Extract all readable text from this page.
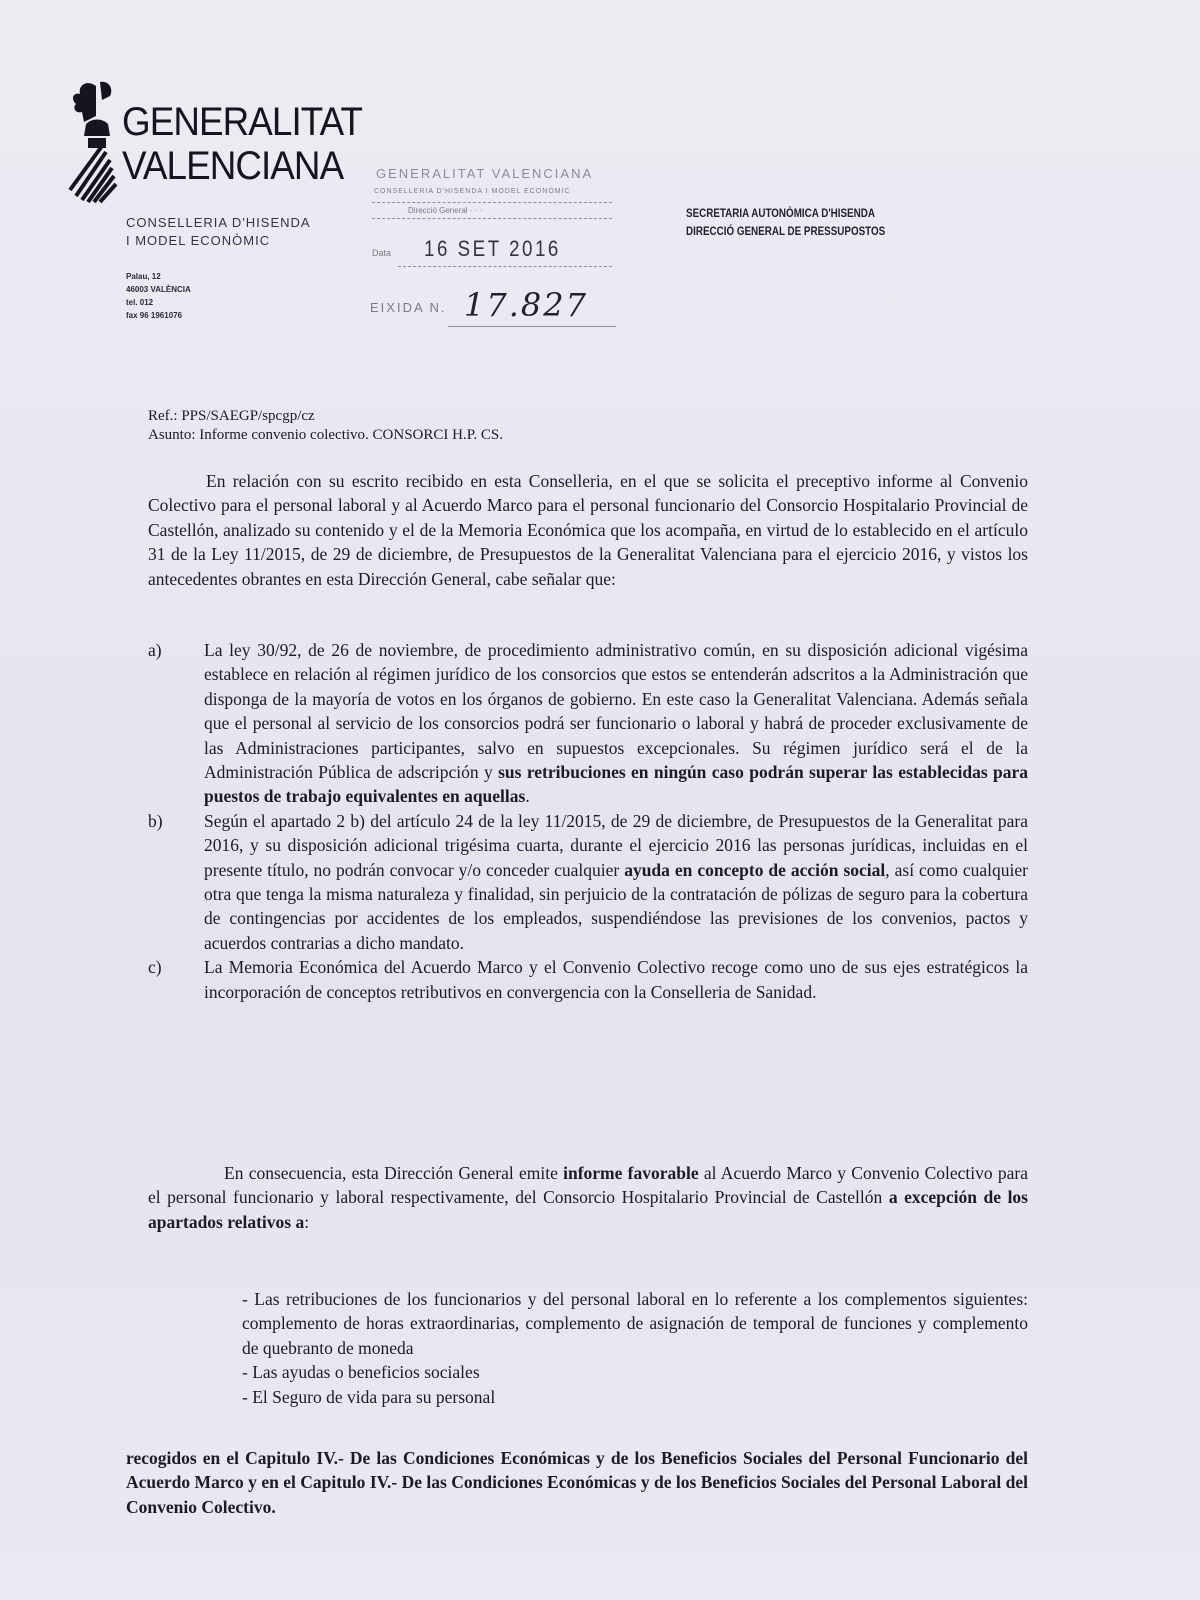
GENERALITAT
VALENCIANA
CONSELLERIA D'HISENDA
I MODEL ECONÒMIC
Palau, 12
46003 VALÈNCIA
tel. 012
fax 96 1961076
GENERALITAT VALENCIANA
CONSELLERIA D'HISENDA I MODEL ECONÒMIC
Direcció General · · ·
Data 16 SET 2016
EIXIDA N. 17.827
SECRETARIA AUTONÒMICA D'HISENDA
DIRECCIÓ GENERAL DE PRESSUPOSTOS
Ref.: PPS/SAEGP/spcgp/cz
Asunto: Informe convenio colectivo. CONSORCI H.P. CS.
En relación con su escrito recibido en esta Conselleria, en el que se solicita el preceptivo informe al Convenio Colectivo para el personal laboral y al Acuerdo Marco para el personal funcionario del Consorcio Hospitalario Provincial de Castellón, analizado su contenido y el de la Memoria Económica que los acompaña, en virtud de lo establecido en el artículo 31 de la Ley 11/2015, de 29 de diciembre, de Presupuestos de la Generalitat Valenciana para el ejercicio 2016, y vistos los antecedentes obrantes en esta Dirección General, cabe señalar que:
a) La ley 30/92, de 26 de noviembre, de procedimiento administrativo común, en su disposición adicional vigésima establece en relación al régimen jurídico de los consorcios que estos se entenderán adscritos a la Administración que disponga de la mayoría de votos en los órganos de gobierno. En este caso la Generalitat Valenciana. Además señala que el personal al servicio de los consorcios podrá ser funcionario o laboral y habrá de proceder exclusivamente de las Administraciones participantes, salvo en supuestos excepcionales. Su régimen jurídico será el de la Administración Pública de adscripción y sus retribuciones en ningún caso podrán superar las establecidas para puestos de trabajo equivalentes en aquellas.
b) Según el apartado 2 b) del artículo 24 de la ley 11/2015, de 29 de diciembre, de Presupuestos de la Generalitat para 2016, y su disposición adicional trigésima cuarta, durante el ejercicio 2016 las personas jurídicas, incluidas en el presente título, no podrán convocar y/o conceder cualquier ayuda en concepto de acción social, así como cualquier otra que tenga la misma naturaleza y finalidad, sin perjuicio de la contratación de pólizas de seguro para la cobertura de contingencias por accidentes de los empleados, suspendiéndose las previsiones de los convenios, pactos y acuerdos contrarias a dicho mandato.
c) La Memoria Económica del Acuerdo Marco y el Convenio Colectivo recoge como uno de sus ejes estratégicos la incorporación de conceptos retributivos en convergencia con la Conselleria de Sanidad.
En consecuencia, esta Dirección General emite informe favorable al Acuerdo Marco y Convenio Colectivo para el personal funcionario y laboral respectivamente, del Consorcio Hospitalario Provincial de Castellón a excepción de los apartados relativos a:
- Las retribuciones de los funcionarios y del personal laboral en lo referente a los complementos siguientes: complemento de horas extraordinarias, complemento de asignación de temporal de funciones y complemento de quebranto de moneda
- Las ayudas o beneficios sociales
- El Seguro de vida para su personal
recogidos en el Capitulo IV.- De las Condiciones Económicas y de los Beneficios Sociales del Personal Funcionario del Acuerdo Marco y en el Capitulo IV.- De las Condiciones Económicas y de los Beneficios Sociales del Personal Laboral del Convenio Colectivo.
